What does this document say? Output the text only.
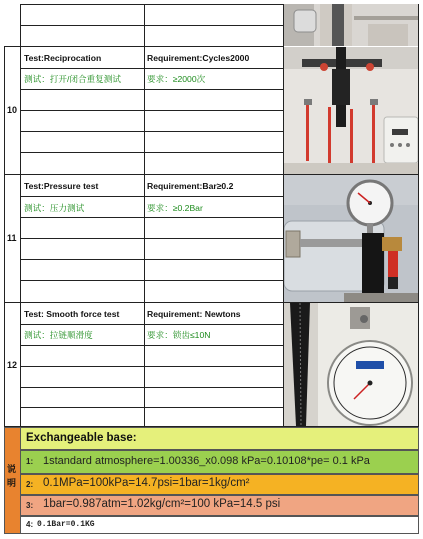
10
11
12
Test:Reciprocation
测试：打开/闭合重复测试
Requirement:Cycles2000
要求：≥2000次
Test:Pressure test
测试：压力测试
Requirement:Bar≥0.2
要求：≥0.2Bar
Test: Smooth force test
测试：拉链顺滑度
Requirement: Newtons
要求：锁齿≤10N
说明
Exchangeable base:
1: 1standard atmosphere=1.00336_x0.098 kPa=0.10108*pe= 0.1 kPa
2: 0.1MPa=100kPa=14.7psi=1bar=1kg/cm²
3: 1bar=0.987atm=1.02kg/cm²=100 kPa=14.5 psi
4: 0.1Bar=0.1KG
